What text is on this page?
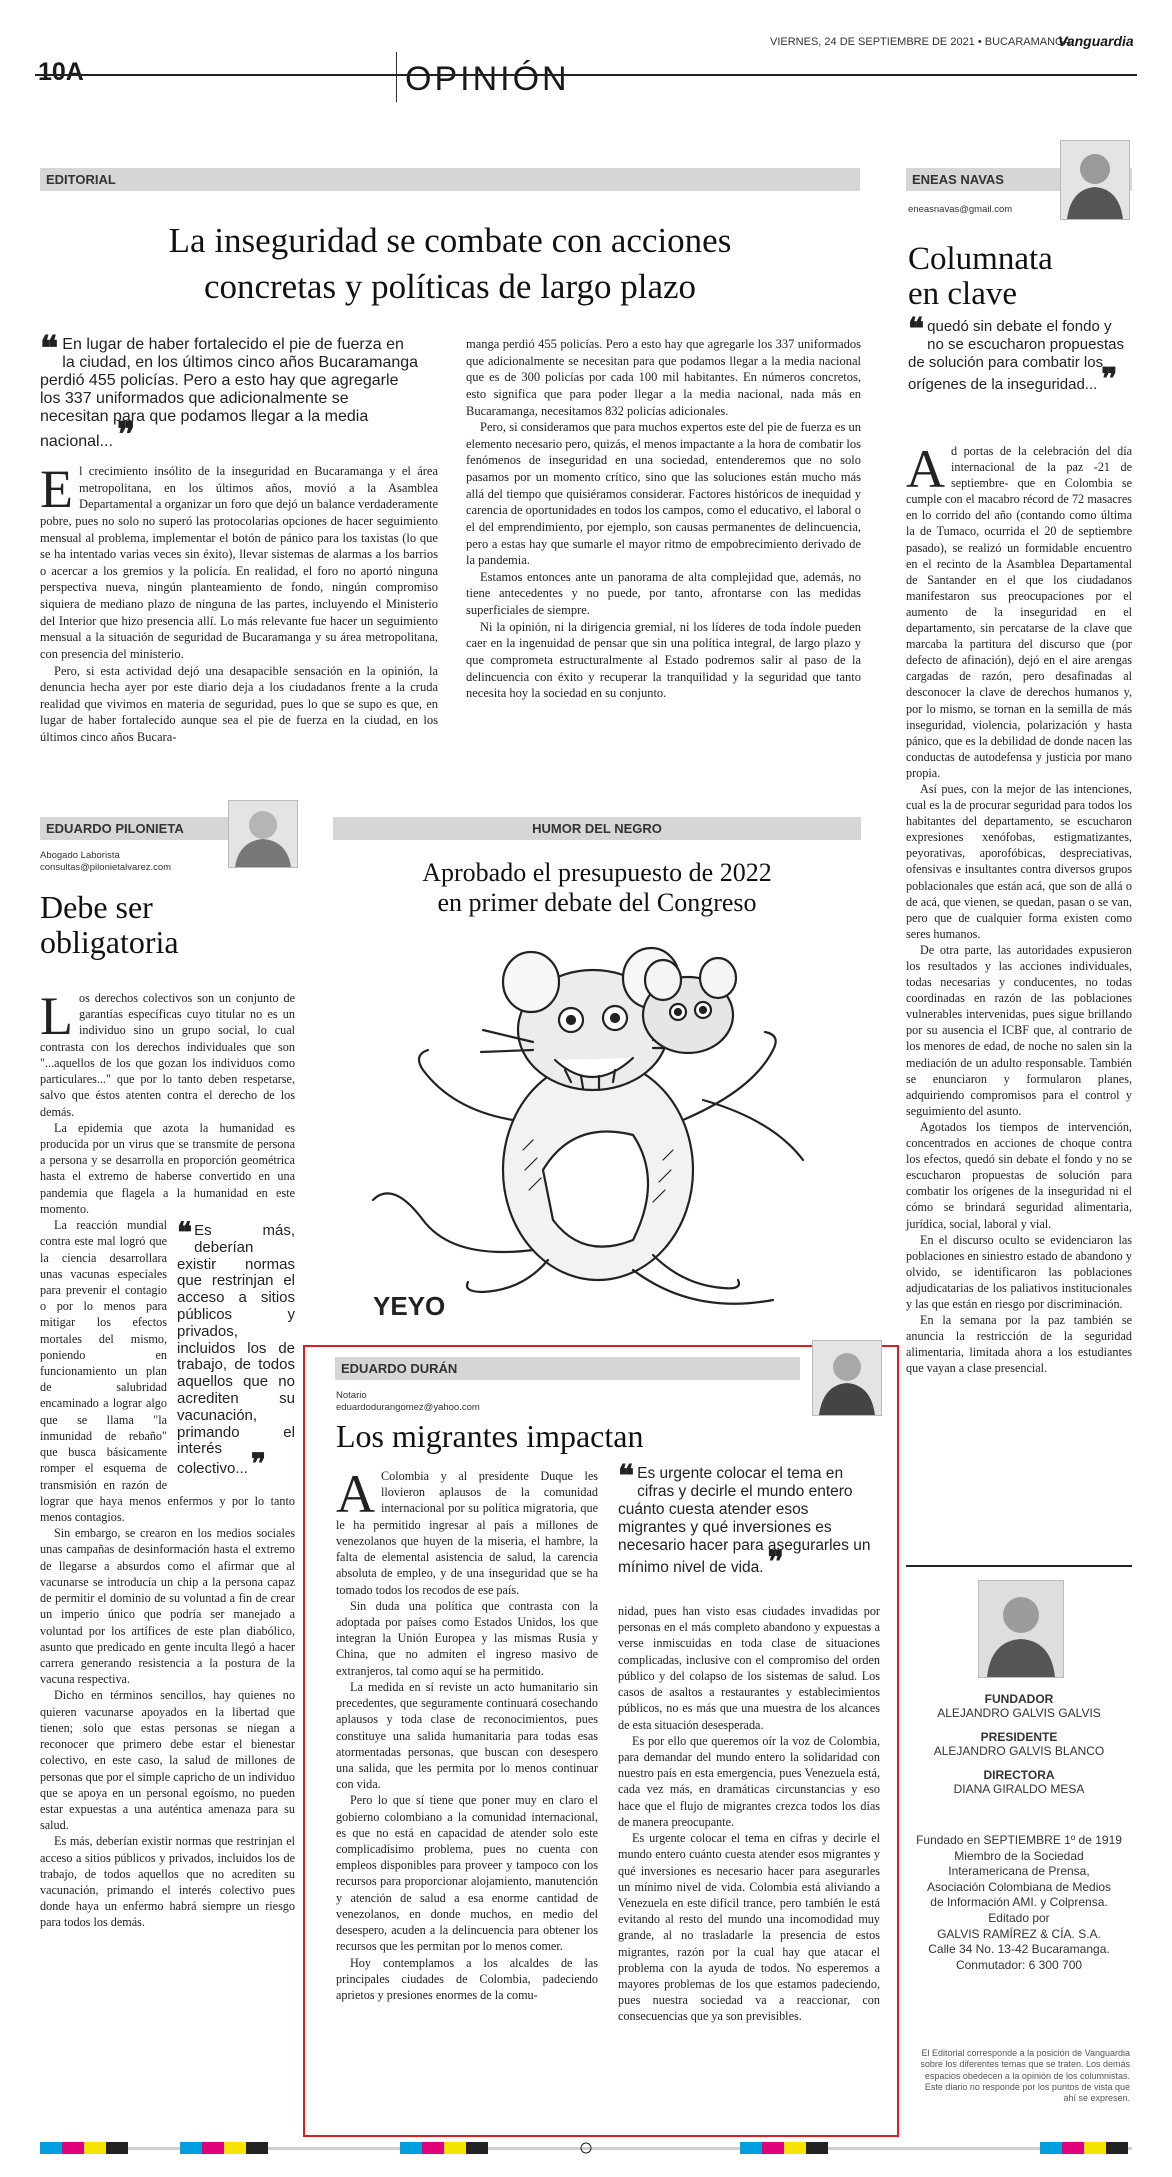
VIERNES, 24 DE SEPTIEMBRE DE 2021 • BUCARAMANGA
Vanguardia
10A	OPINIÓN
EDITORIAL
La inseguridad se combate con acciones
concretas y políticas de largo plazo
❝ En lugar de haber fortalecido el pie de fuerza en la ciudad, en los últimos cinco años Bucaramanga perdió 455 policías. Pero a esto hay que agregarle los 337 uniformados que adicionalmente se necesitan para que podamos llegar a la media nacional... ❞

El crecimiento insólito de la inseguridad en Bucaramanga y el área metropolitana, en los últimos años, movió a la Asamblea Departamental a organizar un foro que dejó un balance verdaderamente pobre, pues no solo no superó las protocolarias opciones de hacer seguimiento mensual al problema, implementar el botón de pánico para los taxistas (lo que se ha intentado varias veces sin éxito), llevar sistemas de alarmas a los barrios o acercar a los gremios y la policía. En realidad, el foro no aportó ninguna perspectiva nueva, ningún planteamiento de fondo, ningún compromiso siquiera de mediano plazo de ninguna de las partes, incluyendo el Ministerio del Interior que hizo presencia allí. Lo más relevante fue hacer un seguimiento mensual a la situación de seguridad de Bucaramanga y su área metropolitana, con presencia del ministerio.

Pero, si esta actividad dejó una desapacible sensación en la opinión, la denuncia hecha ayer por este diario deja a los ciudadanos frente a la cruda realidad que vivimos en materia de seguridad, pues lo que se supo es que, en lugar de haber fortalecido aunque sea el pie de fuerza en la ciudad, en los últimos cinco años Bucara-

manga perdió 455 policías. Pero a esto hay que agregarle los 337 uniformados que adicionalmente se necesitan para que podamos llegar a la media nacional que es de 300 policías por cada 100 mil habitantes. En números concretos, esto significa que para poder llegar a la media nacional, nada más en Bucaramanga, necesitamos 832 policías adicionales.

Pero, si consideramos que para muchos expertos este del pie de fuerza es un elemento necesario pero, quizás, el menos impactante a la hora de combatir los fenómenos de inseguridad en una sociedad, entenderemos que no solo pasamos por un momento crítico, sino que las soluciones están mucho más allá del tiempo que quisiéramos considerar. Factores históricos de inequidad y carencia de oportunidades en todos los campos, como el educativo, el laboral o el del emprendimiento, por ejemplo, son causas permanentes de delincuencia, pero a estas hay que sumarle el mayor ritmo de empobrecimiento derivado de la pandemia.

Estamos entonces ante un panorama de alta complejidad que, además, no tiene antecedentes y no puede, por tanto, afrontarse con las medidas superficiales de siempre.

Ni la opinión, ni la dirigencia gremial, ni los líderes de toda índole pueden caer en la ingenuidad de pensar que sin una política integral, de largo plazo y que comprometa estructuralmente al Estado podremos salir al paso de la delincuencia con éxito y recuperar la tranquilidad y la seguridad que tanto necesita hoy la sociedad en su conjunto.

ENEAS NAVAS
eneasnavas@gmail.com
Columnata
en clave
❝ quedó sin debate el fondo y no se escucharon propuestas de solución para combatir los orígenes de la inseguridad... ❞

Ad portas de la celebración del día internacional de la paz -21 de septiembre- que en Colombia se cumple con el macabro récord de 72 masacres en lo corrido del año (contando como última la de Tumaco, ocurrida el 20 de septiembre pasado), se realizó un formidable encuentro en el recinto de la Asamblea Departamental de Santander en el que los ciudadanos manifestaron sus preocupaciones por el aumento de la inseguridad en el departamento, sin percatarse de la clave que marcaba la partitura del discurso que (por defecto de afinación), dejó en el aire arengas cargadas de razón, pero desafinadas al desconocer la clave de derechos humanos y, por lo mismo, se tornan en la semilla de más inseguridad, violencia, polarización y hasta pánico, que es la debilidad de donde nacen las conductas de autodefensa y justicia por mano propia.

Así pues, con la mejor de las intenciones, cual es la de procurar seguridad para todos los habitantes del departamento, se escucharon expresiones xenófobas, estigmatizantes, peyorativas, aporofóbicas, despreciativas, ofensivas e insultantes contra diversos grupos poblacionales que están acá, que son de allá o de acá, que vienen, se quedan, pasan o se van, pero que de cualquier forma existen como seres humanos.

De otra parte, las autoridades expusieron los resultados y las acciones individuales, todas necesarias y conducentes, no todas coordinadas en razón de las poblaciones vulnerables intervenidas, pues sigue brillando por su ausencia el ICBF que, al contrario de los menores de edad, de noche no salen sin la mediación de un adulto responsable. También se enunciaron y formularon planes, adquiriendo compromisos para el control y seguimiento del asunto.

Agotados los tiempos de intervención, concentrados en acciones de choque contra los efectos, quedó sin debate el fondo y no se escucharon propuestas de solución para combatir los orígenes de la inseguridad ni el cómo se brindará seguridad alimentaria, jurídica, social, laboral y vial.

En el discurso oculto se evidenciaron las poblaciones en siniestro estado de abandono y olvido, se identificaron las poblaciones adjudicatarias de los paliativos institucionales y las que están en riesgo por discriminación.

En la semana por la paz también se anuncia la restricción de la seguridad alimentaria, limitada ahora a los estudiantes que vayan a clase presencial.

EDUARDO PILONIETA
Abogado Laborista
consultas@pilonietalvarez.com
Debe ser
obligatoria

Los derechos colectivos son un conjunto de garantías específicas cuyo titular no es un individuo sino un grupo social, lo cual contrasta con los derechos individuales que son "...aquellos de los que gozan los individuos como particulares..." que por lo tanto deben respetarse, salvo que éstos atenten contra el derecho de los demás.

La epidemia que azota la humanidad es producida por un virus que se transmite de persona a persona y se desarrolla en proporción geométrica hasta el extremo de haberse convertido en una pandemia que flagela a la humanidad en este momento.

❝ Es más, deberían existir normas que restrinjan el acceso a sitios públicos y privados, incluidos los de trabajo, de todos aquellos que no acrediten su vacunación, primando el interés colectivo... ❞

La reacción mundial contra este mal logró que la ciencia desarrollara unas vacunas especiales para prevenir el contagio o por lo menos para mitigar los efectos mortales del mismo, poniendo en funcionamiento un plan de salubridad encaminado a lograr algo que se llama "la inmunidad de rebaño" que busca básicamente romper el esquema de transmisión en razón de lograr que haya menos enfermos y por lo tanto menos contagios.

Sin embargo, se crearon en los medios sociales unas campañas de desinformación hasta el extremo de llegarse a absurdos como el afirmar que al vacunarse se introducía un chip a la persona capaz de permitir el dominio de su voluntad a fin de crear un imperio único que podría ser manejado a voluntad por los artífices de este plan diabólico, asunto que predicado en gente inculta llegó a hacer carrera generando resistencia a la postura de la vacuna respectiva.

Dicho en términos sencillos, hay quienes no quieren vacunarse apoyados en la libertad que tienen; solo que estas personas se niegan a reconocer que primero debe estar el bienestar colectivo, en este caso, la salud de millones de personas que por el simple capricho de un individuo que se apoya en un personal egoísmo, no pueden estar expuestas a una auténtica amenaza para su salud.

Es más, deberían existir normas que restrinjan el acceso a sitios públicos y privados, incluidos los de trabajo, de todos aquellos que no acrediten su vacunación, primando el interés colectivo pues donde haya un enfermo habrá siempre un riesgo para todos los demás.

HUMOR DEL NEGRO
Aprobado el presupuesto de 2022
en primer debate del Congreso
YEYO
EDUARDO DURÁN
Notario
eduardodurangomez@yahoo.com
Los migrantes impactan

A Colombia y al presidente Duque les llovieron aplausos de la comunidad internacional por su política migratoria, que le ha permitido ingresar al país a millones de venezolanos que huyen de la miseria, el hambre, la falta de elemental asistencia de salud, la carencia absoluta de empleo, y de una inseguridad que se ha tomado todos los recodos de ese país.

Sin duda una política que contrasta con la adoptada por países como Estados Unidos, los que integran la Unión Europea y las mismas Rusia y China, que no admiten el ingreso masivo de extranjeros, tal como aquí se ha permitido.

La medida en sí reviste un acto humanitario sin precedentes, que seguramente continuará cosechando aplausos y toda clase de reconocimientos, pues constituye una salida humanitaria para todas esas atormentadas personas, que buscan con desespero una salida, que les permita por lo menos continuar con vida.

Pero lo que sí tiene que poner muy en claro el gobierno colombiano a la comunidad internacional, es que no está en capacidad de atender solo este complicadísimo problema, pues no cuenta con empleos disponibles para proveer y tampoco con los recursos para proporcionar alojamiento, manutención y atención de salud a esa enorme cantidad de venezolanos, en donde muchos, en medio del desespero, acuden a la delincuencia para obtener los recursos que les permitan por lo menos comer.

Hoy contemplamos a los alcaldes de las principales ciudades de Colombia, padeciendo aprietos y presiones enormes de la comu-

❝ Es urgente colocar el tema en cifras y decirle el mundo entero cuánto cuesta atender esos migrantes y qué inversiones es necesario hacer para asegurarles un mínimo nivel de vida. ❞

nidad, pues han visto esas ciudades invadidas por personas en el más completo abandono y expuestas a verse inmiscuidas en toda clase de situaciones complicadas, inclusive con el compromiso del orden público y del colapso de los sistemas de salud. Los casos de asaltos a restaurantes y establecimientos públicos, no es más que una muestra de los alcances de esta situación desesperada.

Es por ello que queremos oír la voz de Colombia, para demandar del mundo entero la solidaridad con nuestro país en esta emergencia, pues Venezuela está, cada vez más, en dramáticas circunstancias y eso hace que el flujo de migrantes crezca todos los días de manera preocupante.

Es urgente colocar el tema en cifras y decirle el mundo entero cuánto cuesta atender esos migrantes y qué inversiones es necesario hacer para asegurarles un mínimo nivel de vida. Colombia está aliviando a Venezuela en este difícil trance, pero también le está evitando al resto del mundo una incomodidad muy grande, al no trasladarle la presencia de estos migrantes, razón por la cual hay que atacar el problema con la ayuda de todos. No esperemos a mayores problemas de los que estamos padeciendo, pues nuestra sociedad va a reaccionar, con consecuencias que ya son previsibles.

FUNDADOR
ALEJANDRO GALVIS GALVIS
PRESIDENTE
ALEJANDRO GALVIS BLANCO
DIRECTORA
DIANA GIRALDO MESA
Fundado en SEPTIEMBRE 1º de 1919
Miembro de la Sociedad
Interamericana de Prensa,
Asociación Colombiana de Medios
de Información AMI. y Colprensa.
Editado por
GALVIS RAMÍREZ & CÍA. S.A.
Calle 34 No. 13-42 Bucaramanga.
Conmutador: 6 300 700
El Editorial corresponde a la posición de Vanguardia sobre los diferentes temas que se traten. Los demás espacios obedecen a la opinión de los columnistas. Este diario no responde por los puntos de vista que ahí se expresen.
